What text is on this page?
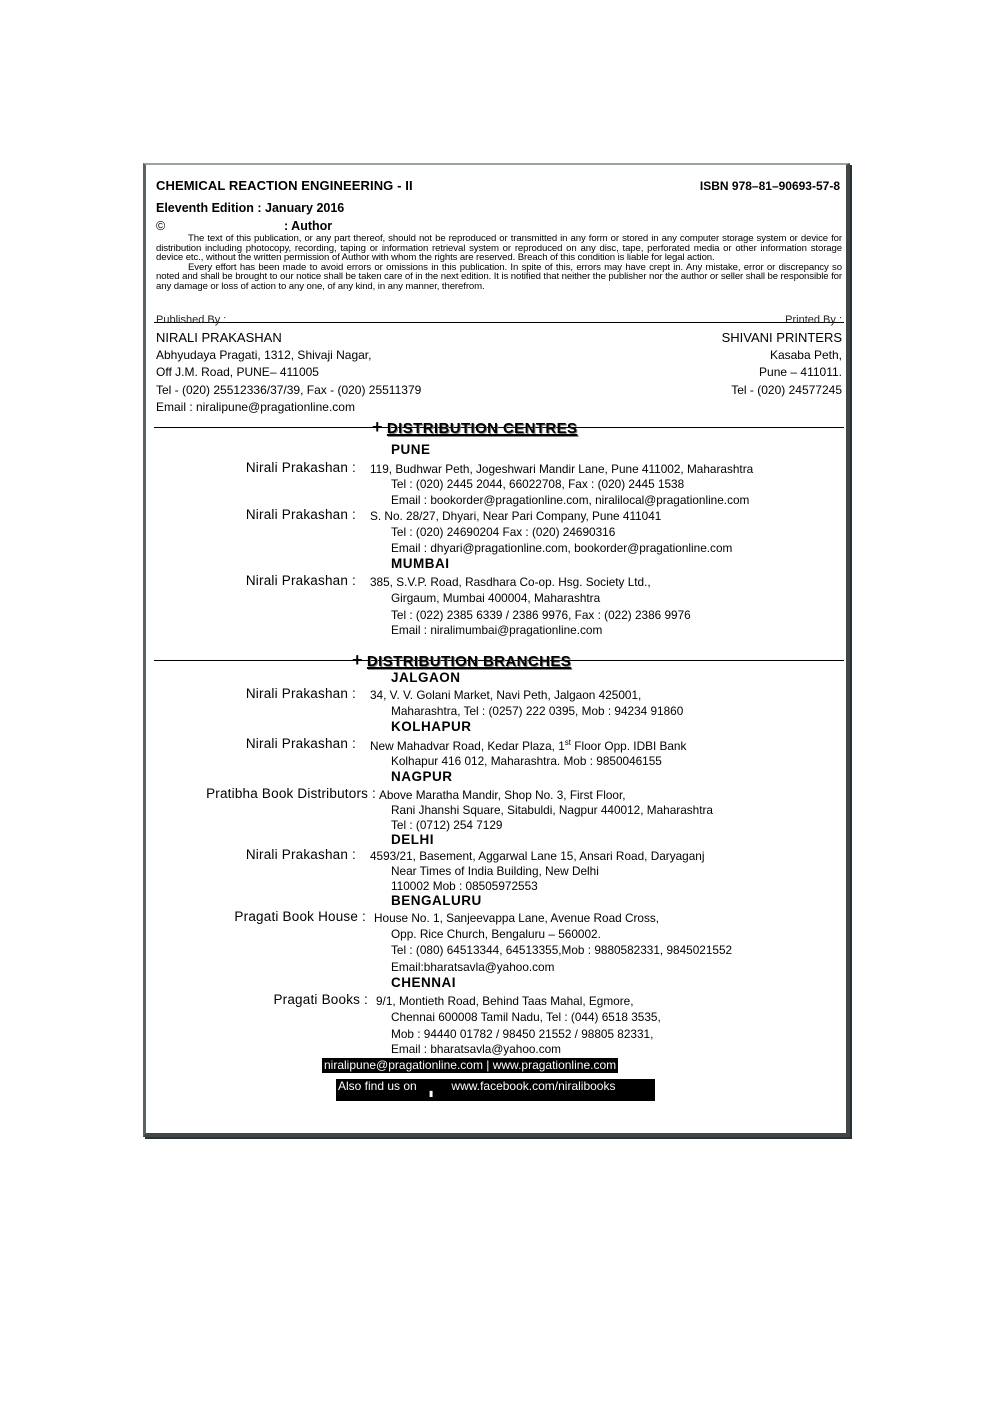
CHEMICAL REACTION ENGINEERING - II	ISBN 978–81–90693-57-8
Eleventh Edition : January 2016
©	: Author

The text of this publication, or any part thereof, should not be reproduced or transmitted in any form or stored in any computer storage system or device for distribution including photocopy, recording, taping or information retrieval system or reproduced on any disc, tape, perforated media or other information storage device etc., without the written permission of Author with whom the rights are reserved. Breach of this condition is liable for legal action.

Every effort has been made to avoid errors or omissions in this publication. In spite of this, errors may have crept in. Any mistake, error or discrepancy so noted and shall be brought to our notice shall be taken care of in the next edition. It is notified that neither the publisher nor the author or seller shall be responsible for any damage or loss of action to any one, of any kind, in any manner, therefrom.

Published By :	Printed By :
NIRALI PRAKASHAN
Abhyudaya Pragati, 1312, Shivaji Nagar,
Off J.M. Road, PUNE– 411005
Tel - (020) 25512336/37/39, Fax - (020) 25511379
Email : niralipune@pragationline.com
SHIVANI PRINTERS
Kasaba Peth,
Pune – 411011.
Tel - (020) 24577245
+ DISTRIBUTION CENTRES
PUNE
Nirali Prakashan : 119, Budhwar Peth, Jogeshwari Mandir Lane, Pune 411002, Maharashtra
Tel : (020) 2445 2044, 66022708, Fax : (020) 2445 1538
Email : bookorder@pragationline.com, niralilocal@pragationline.com
Nirali Prakashan : S. No. 28/27, Dhyari, Near Pari Company, Pune 411041
Tel : (020) 24690204 Fax : (020) 24690316
Email : dhyari@pragationline.com, bookorder@pragationline.com
MUMBAI
Nirali Prakashan : 385, S.V.P. Road, Rasdhara Co-op. Hsg. Society Ltd.,
Girgaum, Mumbai 400004, Maharashtra
Tel : (022) 2385 6339 / 2386 9976, Fax : (022) 2386 9976
Email : niralimumbai@pragationline.com
+ DISTRIBUTION BRANCHES
JALGAON
Nirali Prakashan : 34, V. V. Golani Market, Navi Peth, Jalgaon 425001,
Maharashtra, Tel : (0257) 222 0395, Mob : 94234 91860
KOLHAPUR
Nirali Prakashan : New Mahadvar Road, Kedar Plaza, 1st Floor Opp. IDBI Bank
Kolhapur 416 012, Maharashtra. Mob : 9850046155
NAGPUR
Pratibha Book Distributors : Above Maratha Mandir, Shop No. 3, First Floor,
Rani Jhanshi Square, Sitabuldi, Nagpur 440012, Maharashtra
Tel : (0712) 254 7129
DELHI
Nirali Prakashan : 4593/21, Basement, Aggarwal Lane 15, Ansari Road, Daryaganj
Near Times of India Building, New Delhi
110002 Mob : 08505972553
BENGALURU
Pragati Book House : House No. 1, Sanjeevappa Lane, Avenue Road Cross,
Opp. Rice Church, Bengaluru – 560002.
Tel : (080) 64513344, 64513355,Mob : 9880582331, 9845021552
Email:bharatsavla@yahoo.com
CHENNAI
Pragati Books : 9/1, Montieth Road, Behind Taas Mahal, Egmore,
Chennai 600008 Tamil Nadu, Tel : (044) 6518 3535,
Mob : 94440 01782 / 98450 21552 / 98805 82331,
Email : bharatsavla@yahoo.com
niralipune@pragationline.com | www.pragationline.com
Also find us on ▮ www.facebook.com/niralibooks
